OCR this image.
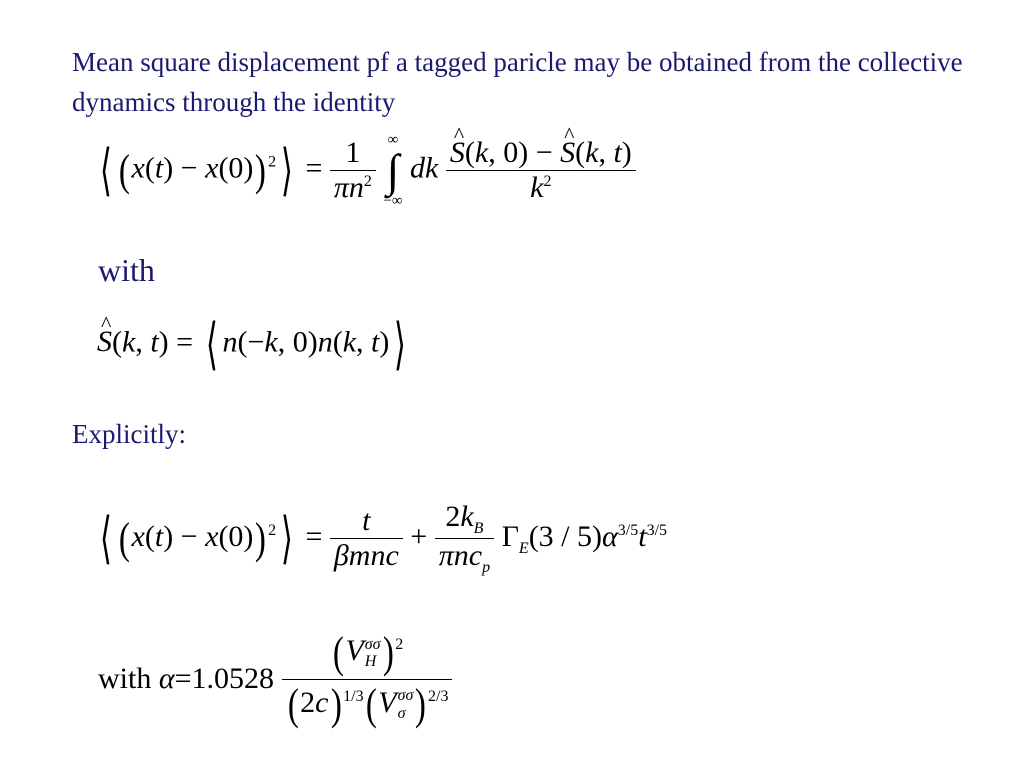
Mean square displacement pf a tagged paricle may be obtained from the collective dynamics through the identity
⟨ (x(t) − x(0)) $^2$⟩ = $\frac{1}{\pi n^2}$
∞
∫
−∞
dk
^ $\frac{S(k, 0) - \^{} S(k, t)}{k^2}$
with
^ S(k, t) = ⟨ n(−k, 0)n(k, t)⟩
Explicitly:
⟨ (x(t) − x(0)) $^2$⟩ = $\frac{t}{\text{βmnc}} + \frac{2k_B}{\pi nc_p} \Gamma_E(3 / 5)\alpha^{3/5}t^{3/5}$
with α=1.0528 (V σσ
H ) $^2$
(2c) $^{1/3}$(V σσ
σ ) $^{2/3}$
